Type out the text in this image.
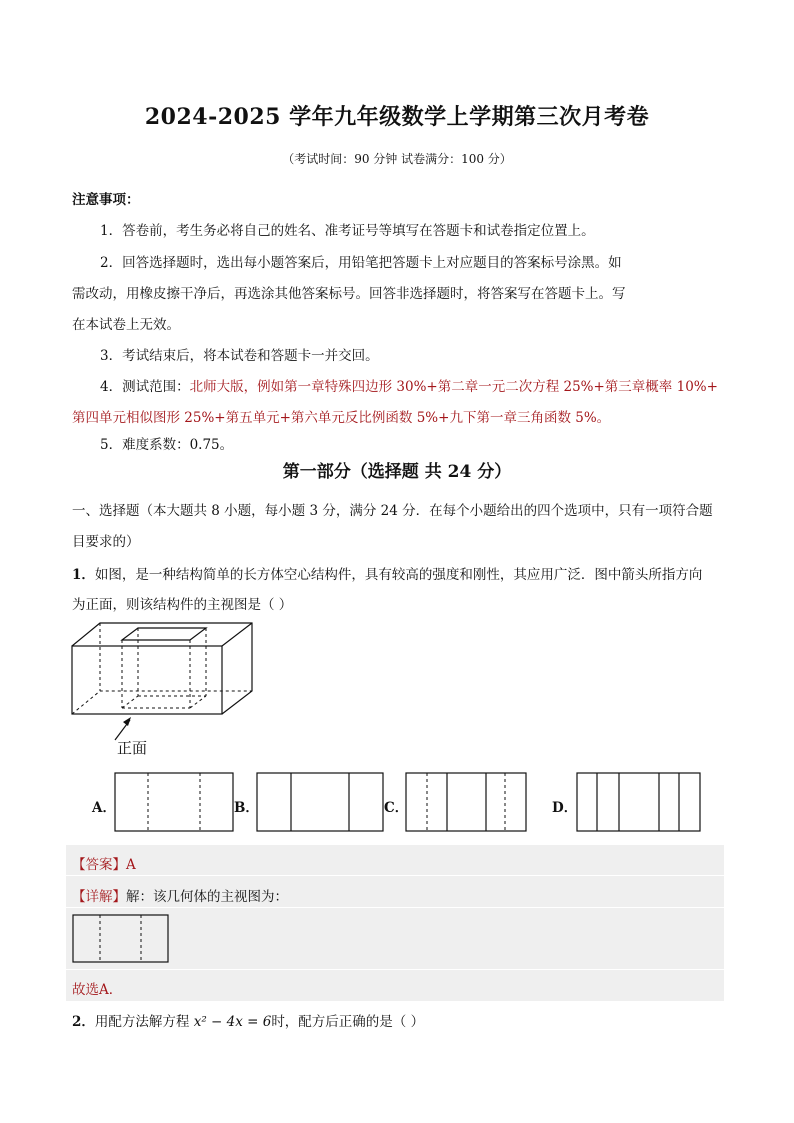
2024-2025 学年九年级数学上学期第三次月考卷
（考试时间：90 分钟 试卷满分：100 分）
注意事项：
1．答卷前，考生务必将自己的姓名、准考证号等填写在答题卡和试卷指定位置上。
2．回答选择题时，选出每小题答案后，用铅笔把答题卡上对应题目的答案标号涂黑。如
需改动，用橡皮擦干净后，再选涂其他答案标号。回答非选择题时，将答案写在答题卡上。写
在本试卷上无效。
3．考试结束后，将本试卷和答题卡一并交回。
4．测试范围：北师大版，例如第一章特殊四边形 30%+第二章一元二次方程 25%+第三章概率 10%+
第四单元相似图形 25%+第五单元+第六单元反比例函数 5%+九下第一章三角函数 5%。
5．难度系数：0.75。
第一部分（选择题 共 24 分）
一、选择题（本大题共 8 小题，每小题 3 分，满分 24 分．在每个小题给出的四个选项中，只有一项符合题
目要求的）
1．如图，是一种结构简单的长方体空心结构件，具有较高的强度和刚性，其应用广泛．图中箭头所指方向
为正面，则该结构件的主视图是（ ）
正面
A．	B．	C．	D．
【答案】A
【详解】解：该几何体的主视图为：
故选A．
2．用配方法解方程 x² − 4x = 6时，配方后正确的是（ ）
